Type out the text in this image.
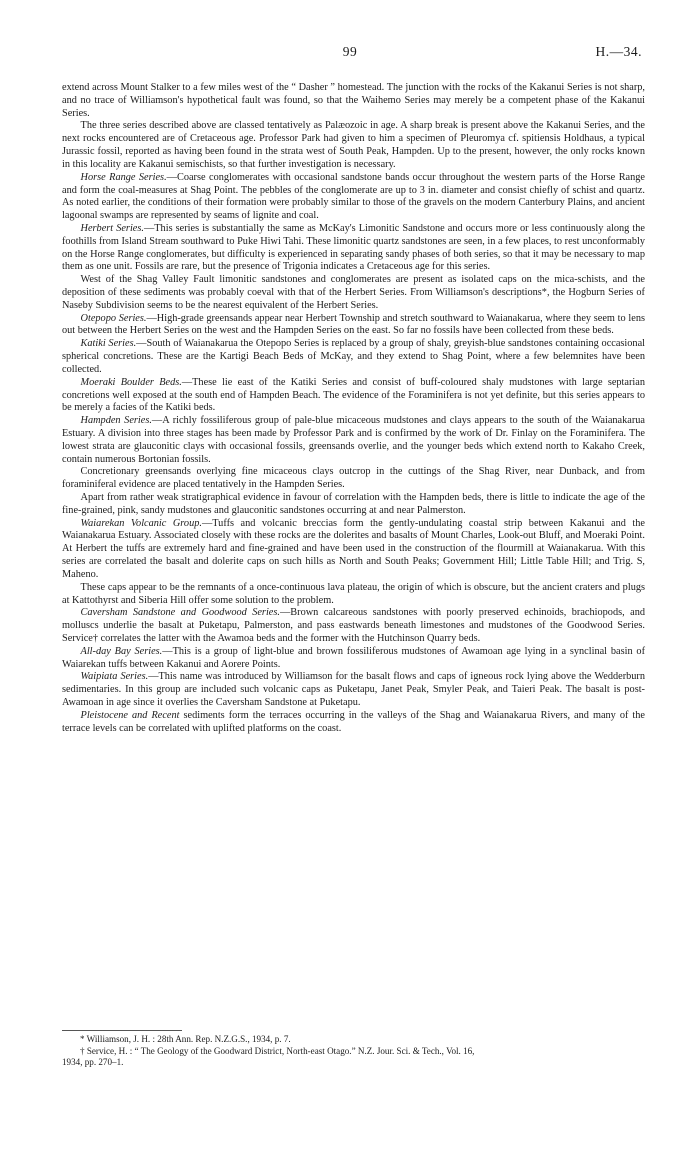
99	H.—34.

extend across Mount Stalker to a few miles west of the “ Dasher ” homestead. The junction with the rocks of the Kakanui Series is not sharp, and no trace of Williamson's hypothetical fault was found, so that the Waihemo Series may merely be a competent phase of the Kakanui Series.

The three series described above are classed tentatively as Palæozoic in age. A sharp break is present above the Kakanui Series, and the next rocks encountered are of Cretaceous age. Professor Park had given to him a specimen of Pleuromya cf. spitiensis Holdhaus, a typical Jurassic fossil, reported as having been found in the strata west of South Peak, Hampden. Up to the present, however, the only rocks known in this locality are Kakanui semischists, so that further investigation is necessary.

Horse Range Series.—Coarse conglomerates with occasional sandstone bands occur throughout the western parts of the Horse Range and form the coal-measures at Shag Point. The pebbles of the conglomerate are up to 3 in. diameter and consist chiefly of schist and quartz. As noted earlier, the conditions of their formation were probably similar to those of the gravels on the modern Canterbury Plains, and ancient lagoonal swamps are represented by seams of lignite and coal.

Herbert Series.—This series is substantially the same as McKay's Limonitic Sandstone and occurs more or less continuously along the foothills from Island Stream southward to Puke Hiwi Tahi. These limonitic quartz sandstones are seen, in a few places, to rest unconformably on the Horse Range conglomerates, but difficulty is experienced in separating sandy phases of both series, so that it may be necessary to map them as one unit. Fossils are rare, but the presence of Trigonia indicates a Cretaceous age for this series.

West of the Shag Valley Fault limonitic sandstones and conglomerates are present as isolated caps on the mica-schists, and the deposition of these sediments was probably coeval with that of the Herbert Series. From Williamson's descriptions*, the Hogburn Series of Naseby Subdivision seems to be the nearest equivalent of the Herbert Series.

Otepopo Series.—High-grade greensands appear near Herbert Township and stretch southward to Waianakarua, where they seem to lens out between the Herbert Series on the west and the Hampden Series on the east. So far no fossils have been collected from these beds.

Katiki Series.—South of Waianakarua the Otepopo Series is replaced by a group of shaly, greyish-blue sandstones containing occasional spherical concretions. These are the Kartigi Beach Beds of McKay, and they extend to Shag Point, where a few belemnites have been collected.

Moeraki Boulder Beds.—These lie east of the Katiki Series and consist of buff-coloured shaly mudstones with large septarian concretions well exposed at the south end of Hampden Beach. The evidence of the Foraminifera is not yet definite, but this series appears to be merely a facies of the Katiki beds.

Hampden Series.—A richly fossiliferous group of pale-blue micaceous mudstones and clays appears to the south of the Waianakarua Estuary. A division into three stages has been made by Professor Park and is confirmed by the work of Dr. Finlay on the Foraminifera. The lowest strata are glauconitic clays with occasional fossils, greensands overlie, and the younger beds which extend north to Kakaho Creek, contain numerous Bortonian fossils.

Concretionary greensands overlying fine micaceous clays outcrop in the cuttings of the Shag River, near Dunback, and from foraminiferal evidence are placed tentatively in the Hampden Series.

Apart from rather weak stratigraphical evidence in favour of correlation with the Hampden beds, there is little to indicate the age of the fine-grained, pink, sandy mudstones and glauconitic sandstones occurring at and near Palmerston.

Waiarekan Volcanic Group.—Tuffs and volcanic breccias form the gently-undulating coastal strip between Kakanui and the Waianakarua Estuary. Associated closely with these rocks are the dolerites and basalts of Mount Charles, Look-out Bluff, and Moeraki Point. At Herbert the tuffs are extremely hard and fine-grained and have been used in the construction of the flourmill at Waianakarua. With this series are correlated the basalt and dolerite caps on such hills as North and South Peaks; Government Hill; Little Table Hill; and Trig. S, Maheno.

These caps appear to be the remnants of a once-continuous lava plateau, the origin of which is obscure, but the ancient craters and plugs at Kattothyrst and Siberia Hill offer some solution to the problem.

Caversham Sandstone and Goodwood Series.—Brown calcareous sandstones with poorly preserved echinoids, brachiopods, and molluscs underlie the basalt at Puketapu, Palmerston, and pass eastwards beneath limestones and mudstones of the Goodwood Series. Service† correlates the latter with the Awamoa beds and the former with the Hutchinson Quarry beds.

All-day Bay Series.—This is a group of light-blue and brown fossiliferous mudstones of Awamoan age lying in a synclinal basin of Waiarekan tuffs between Kakanui and Aorere Points.

Waipiata Series.—This name was introduced by Williamson for the basalt flows and caps of igneous rock lying above the Wedderburn sedimentaries. In this group are included such volcanic caps as Puketapu, Janet Peak, Smyler Peak, and Taieri Peak. The basalt is post-Awamoan in age since it overlies the Caversham Sandstone at Puketapu.

Pleistocene and Recent sediments form the terraces occurring in the valleys of the Shag and Waianakarua Rivers, and many of the terrace levels can be correlated with uplifted platforms on the coast.

* Williamson, J. H. : 28th Ann. Rep. N.Z.G.S., 1934, p. 7.

† Service, H. : “ The Geology of the Goodward District, North-east Otago.” N.Z. Jour. Sci. & Tech., Vol. 16,

1934, pp. 270–1.
